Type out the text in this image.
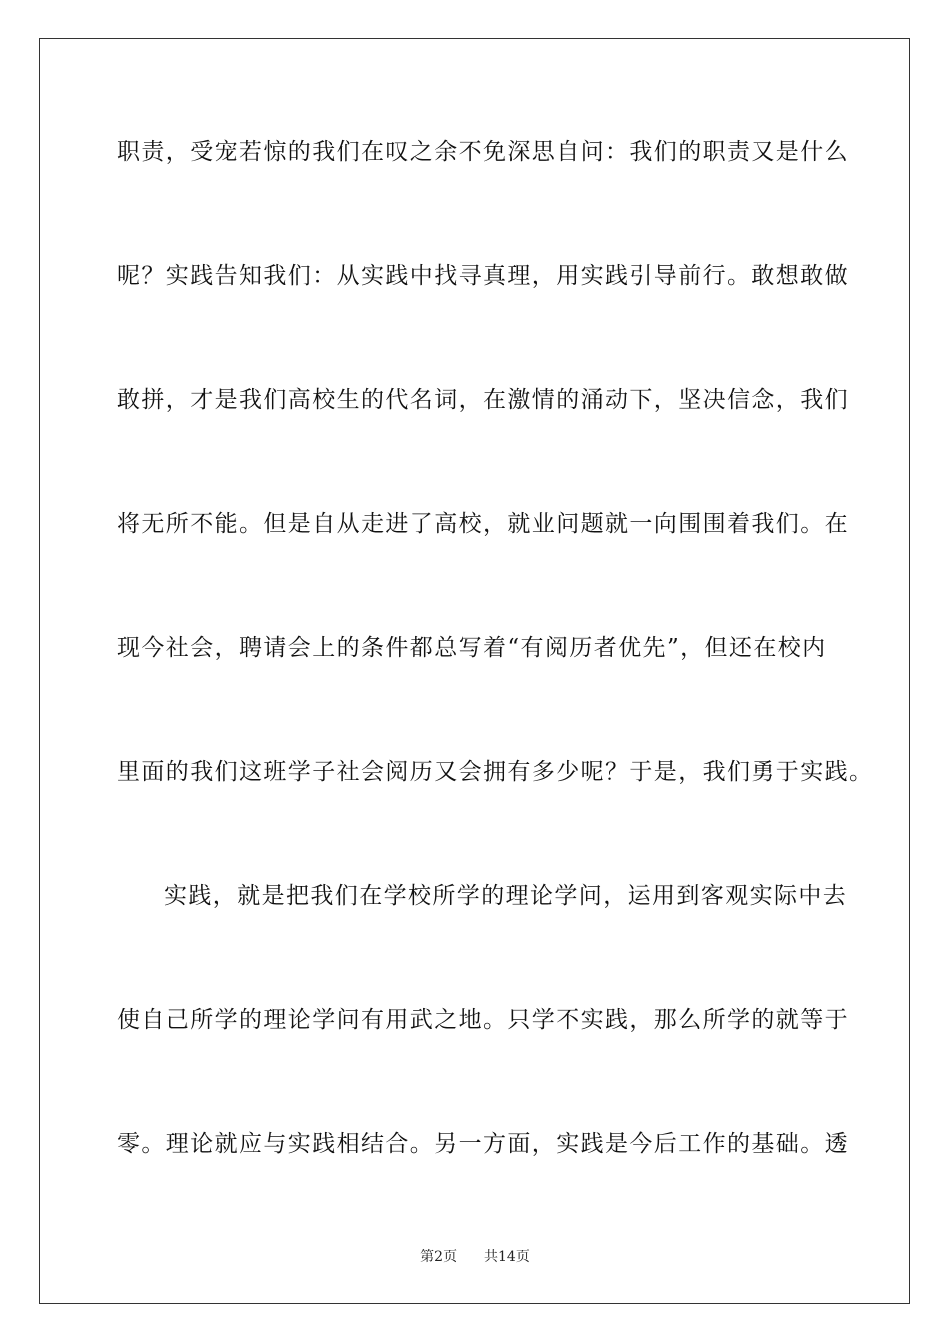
职责，受宠若惊的我们在叹之余不免深思自问：我们的职责又是什么
呢？实践告知我们：从实践中找寻真理，用实践引导前行。敢想敢做
敢拼，才是我们高校生的代名词，在激情的涌动下，坚决信念，我们
将无所不能。但是自从走进了高校，就业问题就一向围围着我们。在
现今社会，聘请会上的条件都总写着“有阅历者优先”，但还在校内
里面的我们这班学子社会阅历又会拥有多少呢？于是，我们勇于实践。
实践，就是把我们在学校所学的理论学问，运用到客观实际中去
使自己所学的理论学问有用武之地。只学不实践，那么所学的就等于
零。理论就应与实践相结合。另一方面，实践是今后工作的基础。透
第2页 共14页
